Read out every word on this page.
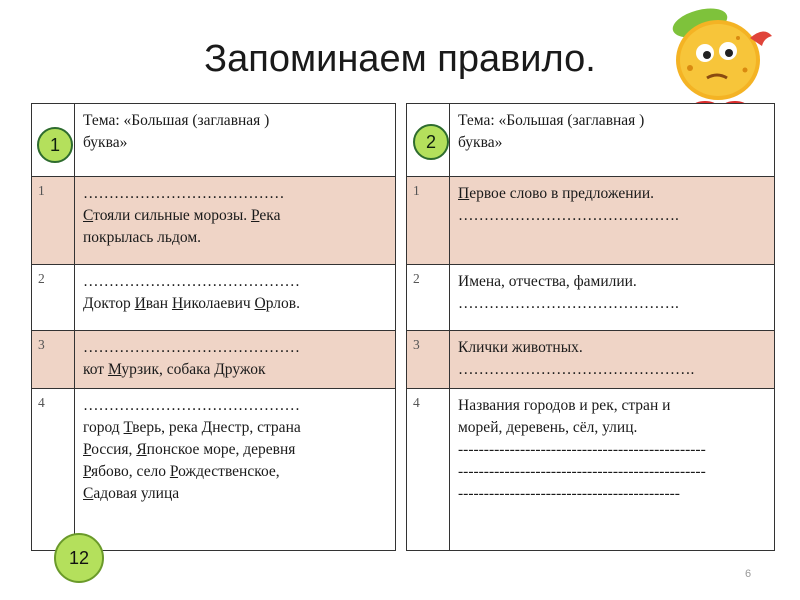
Запоминаем правило.

	Тема: «Большая (заглавная )
буква»

1	…………………………………
Стояли сильные морозы. Река
покрылась льдом.

2	……………………………………
Доктор Иван Николаевич Орлов.

3	……………………………………
кот Мурзик, собака Дружок

4	……………………………………
город Тверь, река Днестр, страна
Россия, Японское море, деревня
Рябово, село Рождественское,
Садовая улица

	Тема: «Большая (заглавная )
буква»

1	Первое слово в предложении.
…………………………………….

2	Имена, отчества, фамилии.
…………………………………….

3	Клички животных.
……………………………………….

4	Названия городов и рек, стран и
морей, деревень, сёл, улиц.
------------------------------------------------
------------------------------------------------
-------------------------------------------
1	2
12
6
